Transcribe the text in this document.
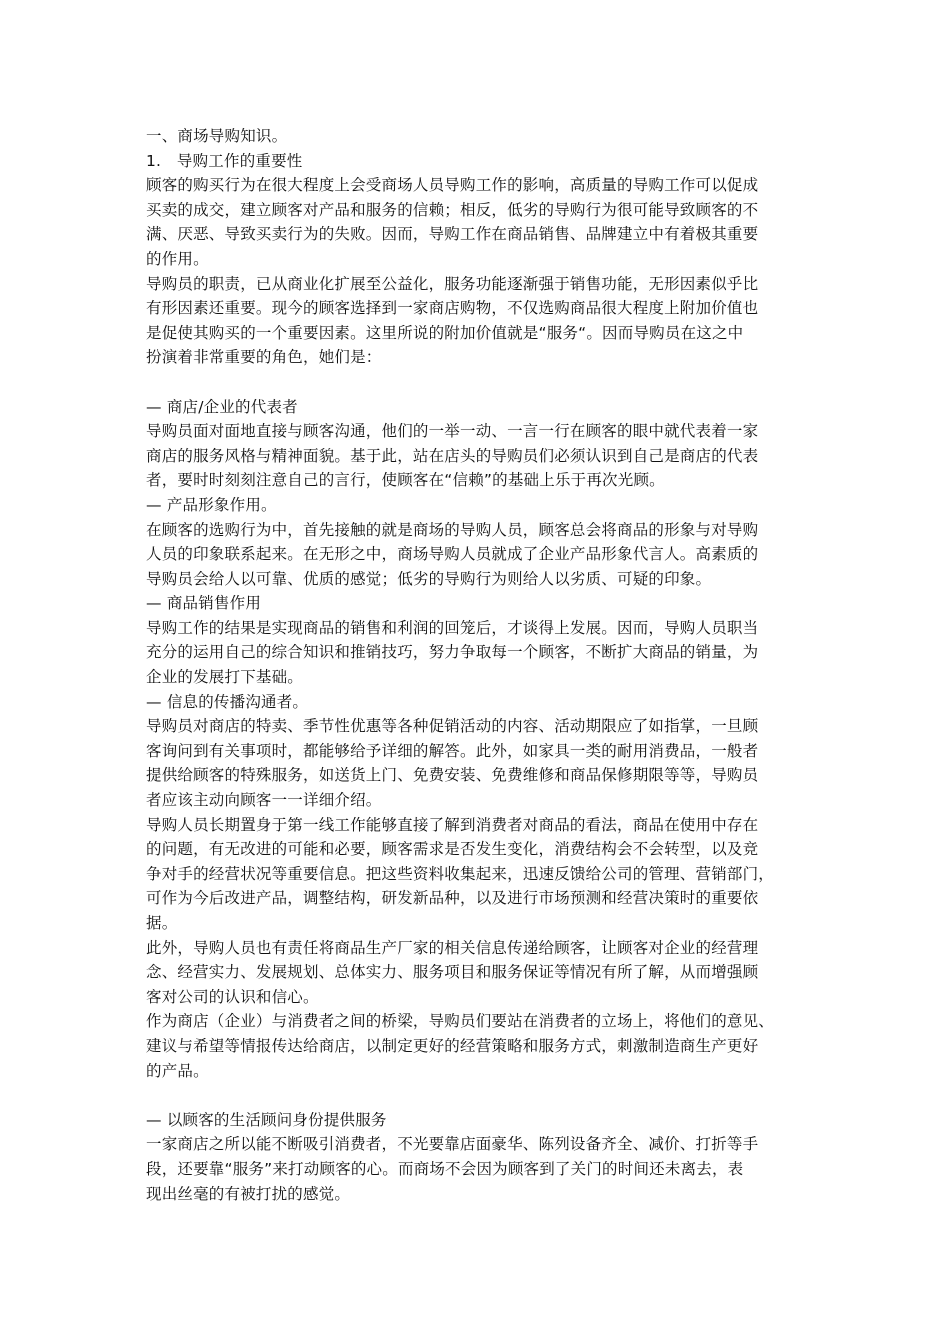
一、商场导购知识。
1.　导购工作的重要性
顾客的购买行为在很大程度上会受商场人员导购工作的影响，高质量的导购工作可以促成
买卖的成交，建立顾客对产品和服务的信赖；相反，低劣的导购行为很可能导致顾客的不
满、厌恶、导致买卖行为的失败。因而，导购工作在商品销售、品牌建立中有着极其重要
的作用。
导购员的职责，已从商业化扩展至公益化，服务功能逐渐强于销售功能，无形因素似乎比
有形因素还重要。现今的顾客选择到一家商店购物，不仅选购商品很大程度上附加价值也
是促使其购买的一个重要因素。这里所说的附加价值就是“服务“。因而导购员在这之中
扮演着非常重要的角色，她们是：
— 商店/企业的代表者
导购员面对面地直接与顾客沟通，他们的一举一动、一言一行在顾客的眼中就代表着一家
商店的服务风格与精神面貌。基于此，站在店头的导购员们必须认识到自己是商店的代表
者，要时时刻刻注意自己的言行，使顾客在“信赖”的基础上乐于再次光顾。
— 产品形象作用。
在顾客的选购行为中，首先接触的就是商场的导购人员，顾客总会将商品的形象与对导购
人员的印象联系起来。在无形之中，商场导购人员就成了企业产品形象代言人。高素质的
导购员会给人以可靠、优质的感觉；低劣的导购行为则给人以劣质、可疑的印象。
— 商品销售作用
导购工作的结果是实现商品的销售和利润的回笼后，才谈得上发展。因而，导购人员职当
充分的运用自己的综合知识和推销技巧，努力争取每一个顾客，不断扩大商品的销量，为
企业的发展打下基础。
— 信息的传播沟通者。
导购员对商店的特卖、季节性优惠等各种促销活动的内容、活动期限应了如指掌，一旦顾
客询问到有关事项时，都能够给予详细的解答。此外，如家具一类的耐用消费品，一般者
提供给顾客的特殊服务，如送货上门、免费安装、免费维修和商品保修期限等等，导购员
者应该主动向顾客一一详细介绍。
导购人员长期置身于第一线工作能够直接了解到消费者对商品的看法，商品在使用中存在
的问题，有无改进的可能和必要，顾客需求是否发生变化，消费结构会不会转型，以及竞
争对手的经营状况等重要信息。把这些资料收集起来，迅速反馈给公司的管理、营销部门，
可作为今后改进产品，调整结构，研发新品种，以及进行市场预测和经营决策时的重要依
据。
此外，导购人员也有责任将商品生产厂家的相关信息传递给顾客，让顾客对企业的经营理
念、经营实力、发展规划、总体实力、服务项目和服务保证等情况有所了解，从而增强顾
客对公司的认识和信心。
作为商店（企业）与消费者之间的桥梁，导购员们要站在消费者的立场上，将他们的意见、
建议与希望等情报传达给商店，以制定更好的经营策略和服务方式，刺激制造商生产更好
的产品。
— 以顾客的生活顾问身份提供服务
一家商店之所以能不断吸引消费者，不光要靠店面豪华、陈列设备齐全、减价、打折等手
段，还要靠“服务”来打动顾客的心。而商场不会因为顾客到了关门的时间还未离去，表
现出丝毫的有被打扰的感觉。
